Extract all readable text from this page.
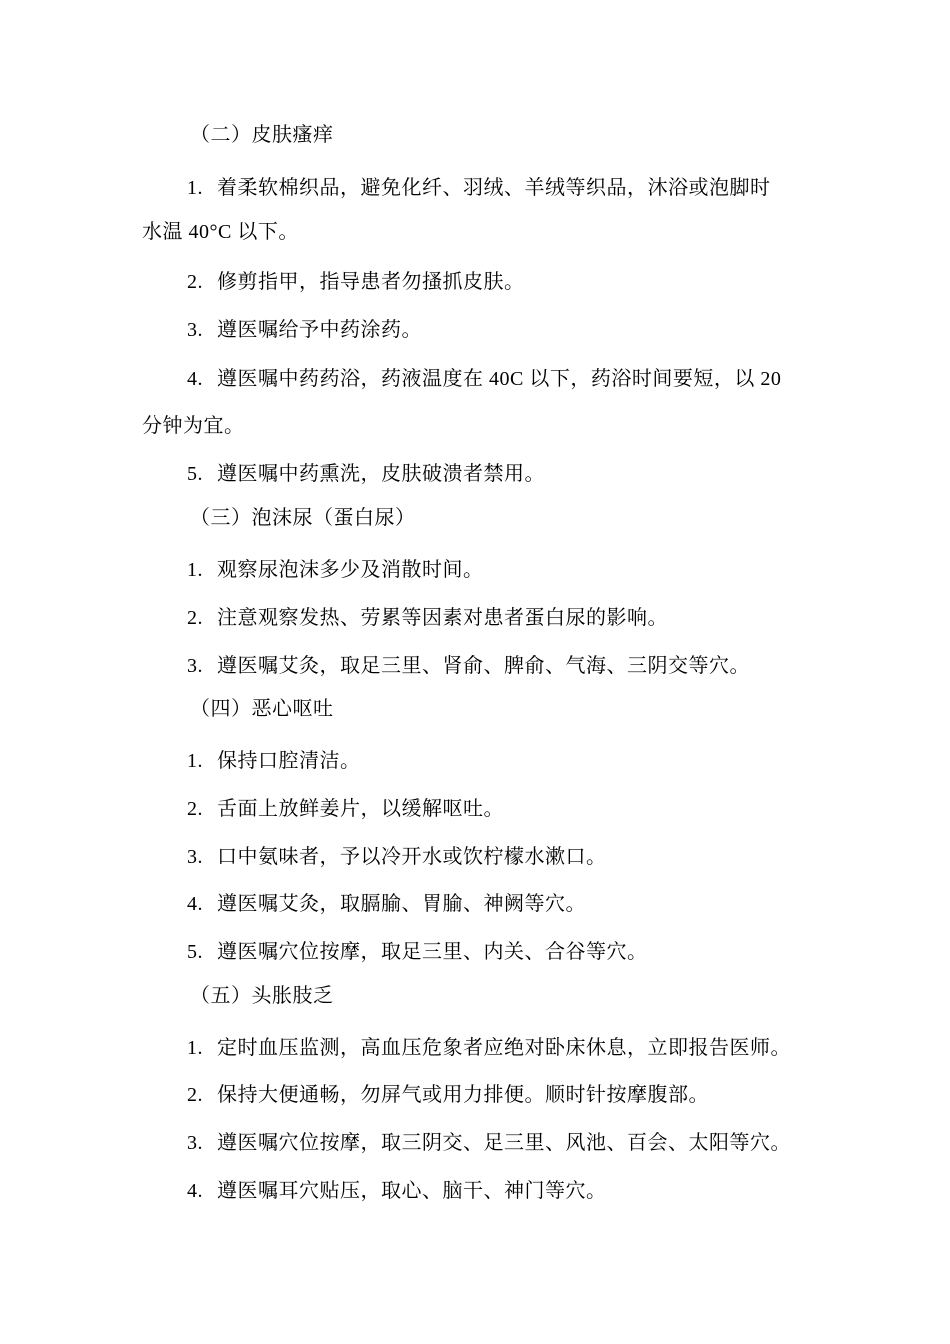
（二）皮肤瘙痒
1. 着柔软棉织品，避免化纤、羽绒、羊绒等织品，沐浴或泡脚时
水温 40°C 以下。
2. 修剪指甲，指导患者勿搔抓皮肤。
3. 遵医嘱给予中药涂药。
4. 遵医嘱中药药浴，药液温度在 40C 以下，药浴时间要短，以 20
分钟为宜。
5. 遵医嘱中药熏洗，皮肤破溃者禁用。
（三）泡沫尿（蛋白尿）
1. 观察尿泡沫多少及消散时间。
2. 注意观察发热、劳累等因素对患者蛋白尿的影响。
3. 遵医嘱艾灸，取足三里、肾俞、脾俞、气海、三阴交等穴。
（四）恶心呕吐
1. 保持口腔清洁。
2. 舌面上放鲜姜片，以缓解呕吐。
3. 口中氨味者，予以冷开水或饮柠檬水漱口。
4. 遵医嘱艾灸，取膈腧、胃腧、神阙等穴。
5. 遵医嘱穴位按摩，取足三里、内关、合谷等穴。
（五）头胀肢乏
1. 定时血压监测，高血压危象者应绝对卧床休息，立即报告医师。
2. 保持大便通畅，勿屏气或用力排便。顺时针按摩腹部。
3. 遵医嘱穴位按摩，取三阴交、足三里、风池、百会、太阳等穴。
4. 遵医嘱耳穴贴压，取心、脑干、神门等穴。
